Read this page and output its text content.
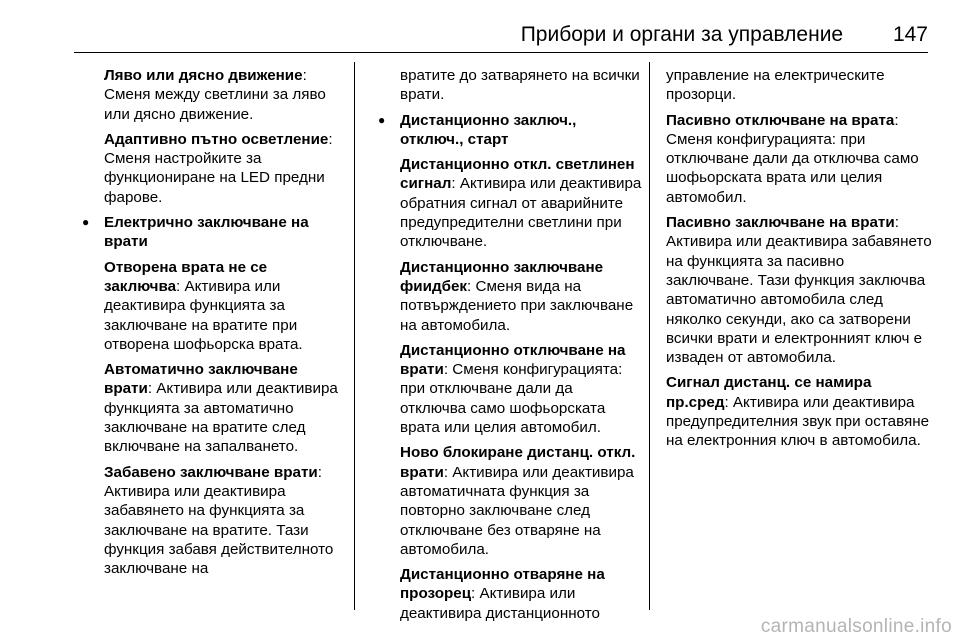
Прибори и органи за управление 147

Ляво или дясно движение: Сменя между светлини за ляво или дясно движение.

Адаптивно пътно осветление: Сменя настройките за функциониране на LED предни фарове.

● Електрично заключване на врати

Отворена врата не се заключва: Активира или деактивира функцията за заключване на вратите при отворена шофьорска врата.

Автоматично заключване врати: Активира или деактивира функцията за автоматично заключване на вратите след включване на запалването.

Забавено заключване врати: Активира или деактивира забавянето на функцията за заключване на вратите. Тази функция забавя действителното заключване на

вратите до затварянето на всички врати.

● Дистанционно заключ., отключ., старт

Дистанционно откл. светлинен сигнал: Активира или деактивира обратния сигнал от аварийните предупредителни светлини при отключване.

Дистанционно заключване фиидбек: Сменя вида на потвърждението при заключване на автомобила.

Дистанционно отключване на врати: Сменя конфигурацията: при отключване дали да отключва само шофьорската врата или целия автомобил.

Ново блокиране дистанц. откл. врати: Активира или деактивира автоматичната функция за повторно заключване след отключване без отваряне на автомобила.

Дистанционно отваряне на прозорец: Активира или деактивира дистанционното

управление на електрическите прозорци.

Пасивно отключване на врата: Сменя конфигурацията: при отключване дали да отключва само шофьорската врата или целия автомобил.

Пасивно заключване на врати: Активира или деактивира забавянето на функцията за пасивно заключване. Тази функция заключва автоматично автомобила след няколко секунди, ако са затворени всички врати и електронният ключ е изваден от автомобила.

Сигнал дистанц. се намира пр.сред: Активира или деактивира предупредителния звук при оставяне на електронния ключ в автомобила.

carmanualsonline.info
